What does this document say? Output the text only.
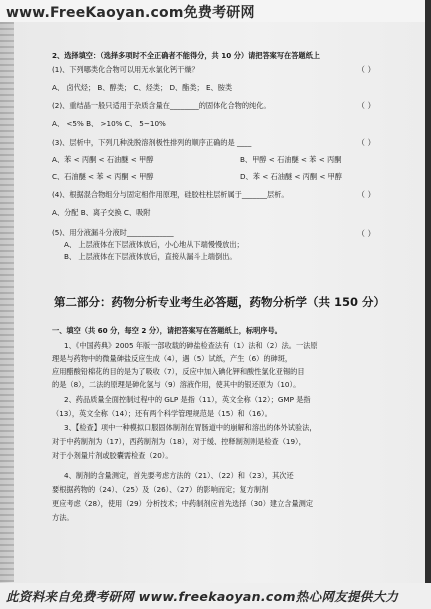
www.FreeKaoyan.com免费考研网
2、选择填空：（选择多项时不全正确者不能得分，共 10 分）请把答案写在答题纸上
(1)、下列哪类化合物可以用无水氯化钙干燥？	（ ）
A、 卤代烃； B、醇类； C、烃类； D、酯类； E、胺类
(2)、重结晶一般只适用于杂质含量在________的固体化合物的纯化。	（ ）
A、 <5% B、 >10% C、 5~10%
(3)、层析中，下列几种洗脱溶剂极性排列的顺序正确的是 ____	（ ）
A、苯 < 丙酮 < 石油醚 < 甲醇	B、甲醇 < 石油醚 < 苯 < 丙酮
C、石油醚 < 苯 < 丙酮 < 甲醇	D、苯 < 石油醚 < 丙酮 < 甲醇
(4)、根据混合物组分与固定相作用原理，硅胶柱柱层析属于_______层析。	（ ）
A、分配 B、离子交换 C、吸附
(5)、用分液漏斗分液时_____________	（ ）
A、 上层液体在下层液体放后，小心地从下端慢慢放出；
B、 上层液体在下层液体放后，直接从漏斗上端倒出。
第二部分：药物分析专业考生必答题，药物分析学（共 150 分）
一、填空（共 60 分，每空 2 分），请把答案写在答题纸上，标明序号。
1、《中国药典》2005 年版一部收载的砷盐检查法有（1）法和（2）法。一法原
理是与药物中的微量砷盐反应生成（4），遇（5）试纸，产生（6）的砷斑，
应用醋酸铅棉花的目的是为了吸收（7），反应中加入碘化钾和酸性氯化亚锡的目
的是（8），二法的原理是砷化氢与（9）溶液作用，使其中的银还原为（10）。
2、药品质量全面控制过程中的 GLP 是指（11），英文全称（12）；GMP 是指
（13），英文全称（14）；还有两个科学管理规范是（15）和（16）。
3、【检查】项中一种模拟口服固体制剂在胃肠道中的崩解和溶出的体外试验法，
对于中药制剂为（17），西药制剂为（18），对于缓、控释制剂则是检查（19），
对于小剂量片剂或胶囊需检查（20）。
4、制剂的含量测定，首先要考虑方法的（21）、（22）和（23），其次还
要根据药物的（24）、（25）及（26）、（27）的影响而定；复方制剂
更应考虑（28），使用（29）分析技术；中药制剂应首先选择（30）建立含量测定
方法。
此资料来自免费考研网 www.freekaoyan.com热心网友提供大力
